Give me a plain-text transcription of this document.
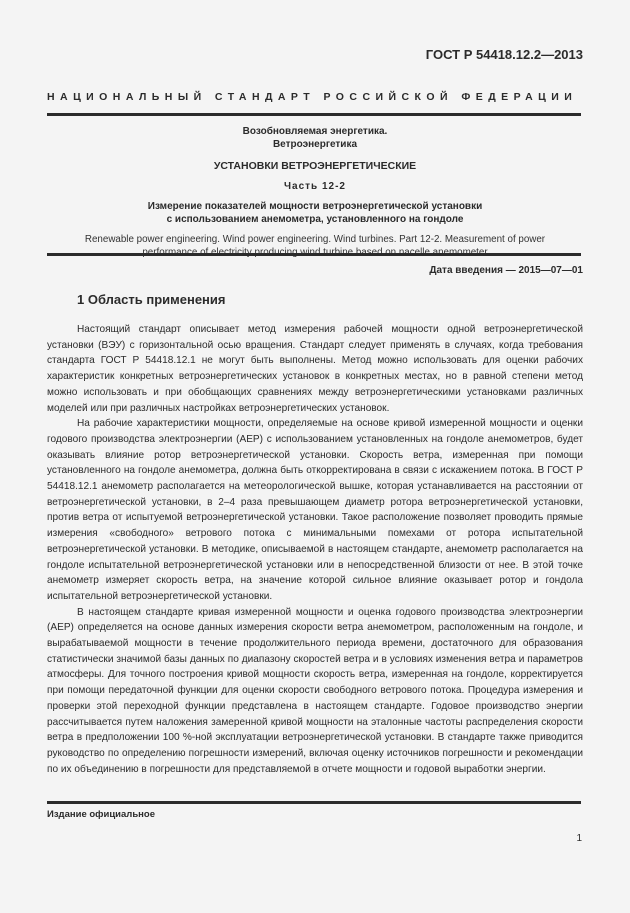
ГОСТ Р 54418.12.2—2013
НАЦИОНАЛЬНЫЙ СТАНДАРТ РОССИЙСКОЙ ФЕДЕРАЦИИ
Возобновляемая энергетика.
Ветроэнергетика
УСТАНОВКИ ВЕТРОЭНЕРГЕТИЧЕСКИЕ
Часть 12-2
Измерение показателей мощности ветроэнергетической установки
с использованием анемометра, установленного на гондоле
Renewable power engineering. Wind power engineering. Wind turbines. Part 12-2. Measurement of power
Дата введения — 2015—07—01
1 Область применения

Настоящий стандарт описывает метод измерения рабочей мощности одной ветроэнергетической установки (ВЭУ) с горизонтальной осью вращения. Стандарт следует применять в случаях, когда требования стандарта ГОСТ Р 54418.12.1 не могут быть выполнены. Метод можно использовать для оценки рабочих характеристик конкретных ветроэнергетических установок в конкретных местах, но в равной степени метод можно использовать и при обобщающих сравнениях между ветроэнергетическими установками различных моделей или при различных настройках ветроэнергетических установок.

На рабочие характеристики мощности, определяемые на основе кривой измеренной мощности и оценки годового производства электроэнергии (AEP) с использованием установленных на гондоле анемометров, будет оказывать влияние ротор ветроэнергетической установки. Скорость ветра, измеренная при помощи установленного на гондоле анемометра, должна быть откорректирована в связи с искажением потока. В ГОСТ Р 54418.12.1 анемометр располагается на метеорологической вышке, которая устанавливается на расстоянии от ветроэнергетической установки, в 2–4 раза превышающем диаметр ротора ветроэнергетической установки, против ветра от испытуемой ветроэнергетической установки. Такое расположение позволяет проводить прямые измерения «свободного» ветрового потока с минимальными помехами от ротора испытательной ветроэнергетической установки. В методике, описываемой в настоящем стандарте, анемометр располагается на гондоле испытательной ветроэнергетической установки или в непосредственной близости от нее. В этой точке анемометр измеряет скорость ветра, на значение которой сильное влияние оказывает ротор и гондола испытательной ветроэнергетической установки.

В настоящем стандарте кривая измеренной мощности и оценка годового производства электроэнергии (AEP) определяется на основе данных измерения скорости ветра анемометром, расположенным на гондоле, и вырабатываемой мощности в течение продолжительного периода времени, достаточного для образования статистически значимой базы данных по диапазону скоростей ветра и в условиях изменения ветра и параметров атмосферы. Для точного построения кривой мощности скорость ветра, измеренная на гондоле, корректируется при помощи передаточной функции для оценки скорости свободного ветрового потока. Процедура измерения и проверки этой переходной функции представлена в настоящем стандарте. Годовое производство энергии рассчитывается путем наложения замеренной кривой мощности на эталонные частоты распределения скорости ветра в предположении 100 %-ной эксплуатации ветроэнергетической установки. В стандарте также приводится руководство по определению погрешности измерений, включая оценку источников погрешности и рекомендации по их объединению в погрешности для представляемой в отчете мощности и годовой выработки энергии.

Издание официальное
1
